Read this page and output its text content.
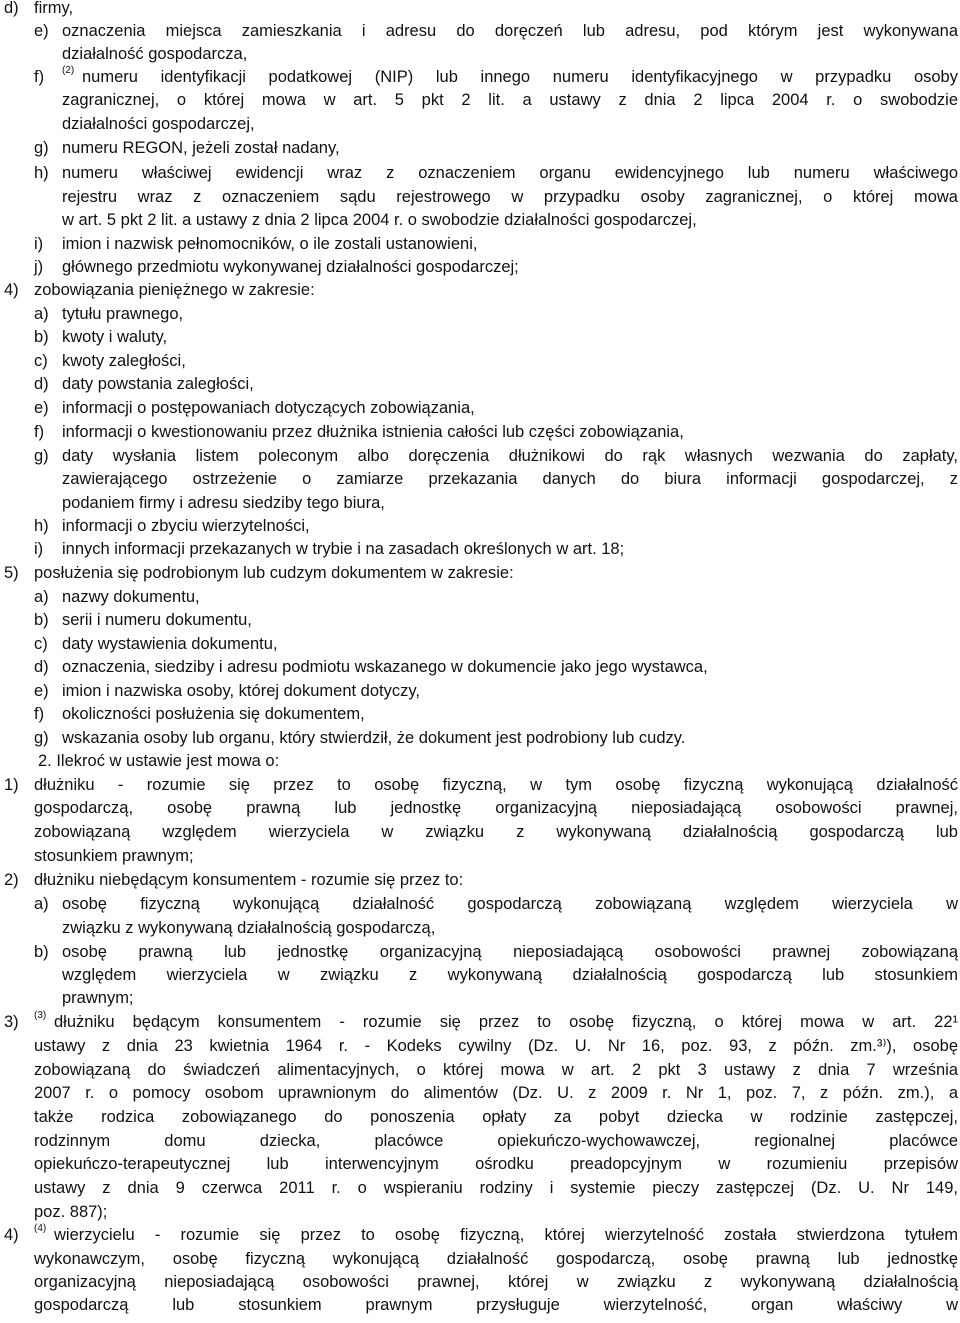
d) firmy,
e) oznaczenia miejsca zamieszkania i adresu do doręczeń lub adresu, pod którym jest wykonywana
działalność gospodarcza,
f) (2) numeru identyfikacji podatkowej (NIP) lub innego numeru identyfikacyjnego w przypadku osoby
zagranicznej, o której mowa w art. 5 pkt 2 lit. a ustawy z dnia 2 lipca 2004 r. o swobodzie
działalności gospodarczej,
g) numeru REGON, jeżeli został nadany,
h) numeru właściwej ewidencji wraz z oznaczeniem organu ewidencyjnego lub numeru właściwego
rejestru wraz z oznaczeniem sądu rejestrowego w przypadku osoby zagranicznej, o której mowa
w art. 5 pkt 2 lit. a ustawy z dnia 2 lipca 2004 r. o swobodzie działalności gospodarczej,
i) imion i nazwisk pełnomocników, o ile zostali ustanowieni,
j) głównego przedmiotu wykonywanej działalności gospodarczej;
4) zobowiązania pieniężnego w zakresie:
a) tytułu prawnego,
b) kwoty i waluty,
c) kwoty zaległości,
d) daty powstania zaległości,
e) informacji o postępowaniach dotyczących zobowiązania,
f) informacji o kwestionowaniu przez dłużnika istnienia całości lub części zobowiązania,
g) daty wysłania listem poleconym albo doręczenia dłużnikowi do rąk własnych wezwania do zapłaty,
zawierającego ostrzeżenie o zamiarze przekazania danych do biura informacji gospodarczej, z
podaniem firmy i adresu siedziby tego biura,
h) informacji o zbyciu wierzytelności,
i) innych informacji przekazanych w trybie i na zasadach określonych w art. 18;
5) posłużenia się podrobionym lub cudzym dokumentem w zakresie:
a) nazwy dokumentu,
b) serii i numeru dokumentu,
c) daty wystawienia dokumentu,
d) oznaczenia, siedziby i adresu podmiotu wskazanego w dokumencie jako jego wystawca,
e) imion i nazwiska osoby, której dokument dotyczy,
f) okoliczności posłużenia się dokumentem,
g) wskazania osoby lub organu, który stwierdził, że dokument jest podrobiony lub cudzy.
2. Ilekroć w ustawie jest mowa o:
1) dłużniku - rozumie się przez to osobę fizyczną, w tym osobę fizyczną wykonującą działalność
gospodarczą, osobę prawną lub jednostkę organizacyjną nieposiadającą osobowości prawnej,
zobowiązaną względem wierzyciela w związku z wykonywaną działalnością gospodarczą lub
stosunkiem prawnym;
2) dłużniku niebędącym konsumentem - rozumie się przez to:
a) osobę fizyczną wykonującą działalność gospodarczą zobowiązaną względem wierzyciela w
związku z wykonywaną działalnością gospodarczą,
b) osobę prawną lub jednostkę organizacyjną nieposiadającą osobowości prawnej zobowiązaną
względem wierzyciela w związku z wykonywaną działalnością gospodarczą lub stosunkiem
prawnym;
3) (3) dłużniku będącym konsumentem - rozumie się przez to osobę fizyczną, o której mowa w art. 22¹
ustawy z dnia 23 kwietnia 1964 r. - Kodeks cywilny (Dz. U. Nr 16, poz. 93, z późn. zm.³⁾), osobę
zobowiązaną do świadczeń alimentacyjnych, o której mowa w art. 2 pkt 3 ustawy z dnia 7 września
2007 r. o pomocy osobom uprawnionym do alimentów (Dz. U. z 2009 r. Nr 1, poz. 7, z późn. zm.), a
także rodzica zobowiązanego do ponoszenia opłaty za pobyt dziecka w rodzinie zastępczej,
rodzinnym domu dziecka, placówce opiekuńczo-wychowawczej, regionalnej placówce
opiekuńczo-terapeutycznej lub interwencyjnym ośrodku preadopcyjnym w rozumieniu przepisów
ustawy z dnia 9 czerwca 2011 r. o wspieraniu rodziny i systemie pieczy zastępczej (Dz. U. Nr 149,
poz. 887);
4) (4) wierzycielu - rozumie się przez to osobę fizyczną, której wierzytelność została stwierdzona tytułem
wykonawczym, osobę fizyczną wykonującą działalność gospodarczą, osobę prawną lub jednostkę
organizacyjną nieposiadającą osobowości prawnej, której w związku z wykonywaną działalnością
gospodarczą lub stosunkiem prawnym przysługuje wierzytelność, organ właściwy w
